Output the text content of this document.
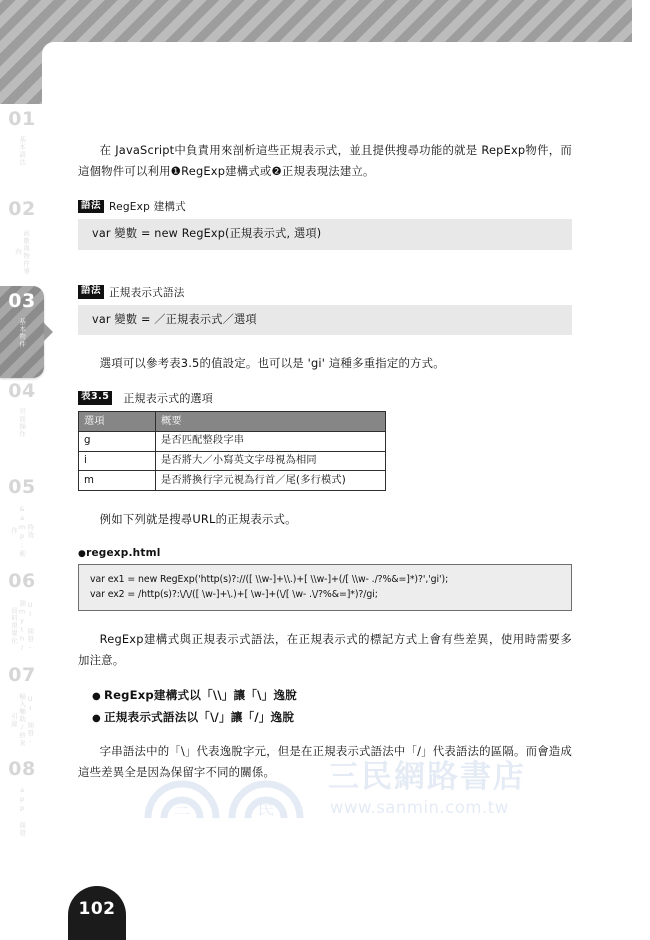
01
基本語法
02
函數與物件導向
03
基本物件
04
頁面操作
05
特效&amp;動作
06
UI 開發-測myth/資料視覺化
07
UI 開發-輸入輔助/終來引線
08
app 開發

在 JavaScript中負責用來剖析這些正規表示式，並且提供搜尋功能的就是 RepExp物件，而這個物件可以利用❶RegExp建構式或❷正規表現法建立。

語法 RegExp 建構式
var 變數 = new RegExp(正規表示式, 選項)
語法 正規表示式語法
var 變數 = ／正規表示式／選項

選項可以參考表3.5的值設定。也可以是 'gi' 這種多重指定的方式。

表3.5 正規表示式的選項
選項	概要
g	是否匹配整段字串
i	是否將大／小寫英文字母視為相同
m	是否將換行字元視為行首／尾(多行模式)

例如下列就是搜尋URL的正規表示式。

●regexp.html
var ex1 = new RegExp('http(s)?://([ \\w-]+\\.)+[ \\w-]+(/[ \\w- ./?%&=]*)?','gi');
var ex2 = /http(s)?:\/\/([ \w-]+\.)+[ \w-]+(\/[ \w- .\/?%&=]*)?/gi;

RegExp建構式與正規表示式語法，在正規表示式的標記方式上會有些差異，使用時需要多加注意。

● RegExp建構式以「\\」讓「\」逸脫
● 正規表示式語法以「\/」讓「/」逸脫

字串語法中的「\」代表逸脫字元，但是在正規表示式語法中「/」代表語法的區隔。而會造成這些差異全是因為保留字不同的關係。

三	民
三民網路書店
www.sanmin.com.tw
102
